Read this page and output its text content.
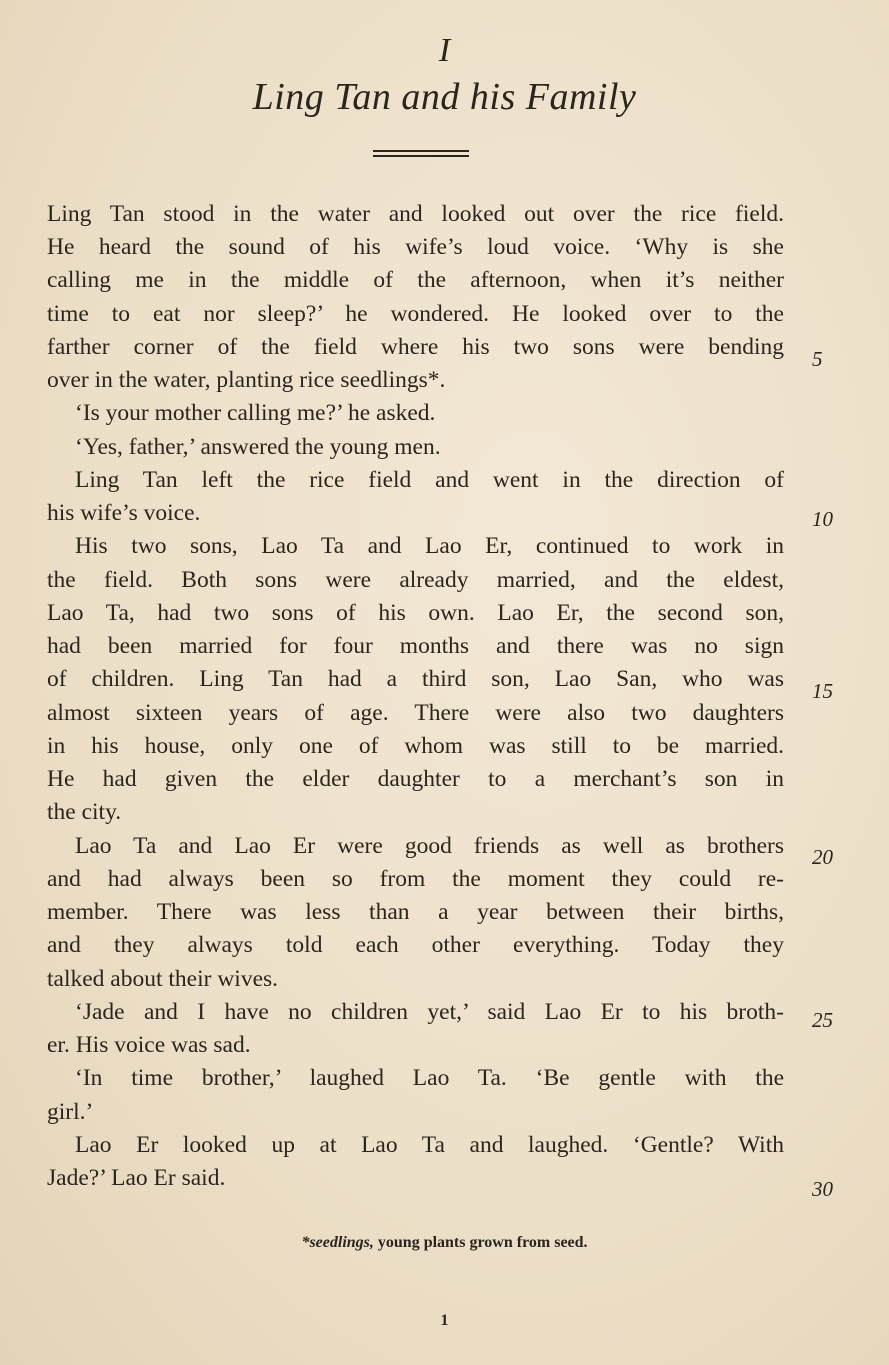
I
Ling Tan and his Family
Ling Tan stood in the water and looked out over the rice field.
He heard the sound of his wife’s loud voice. ‘Why is she
calling me in the middle of the afternoon, when it’s neither
time to eat nor sleep?’ he wondered. He looked over to the
farther corner of the field where his two sons were bending
over in the water, planting rice seedlings*.
‘Is your mother calling me?’ he asked.
‘Yes, father,’ answered the young men.
Ling Tan left the rice field and went in the direction of
his wife’s voice.
His two sons, Lao Ta and Lao Er, continued to work in
the field. Both sons were already married, and the eldest,
Lao Ta, had two sons of his own. Lao Er, the second son,
had been married for four months and there was no sign
of children. Ling Tan had a third son, Lao San, who was
almost sixteen years of age. There were also two daughters
in his house, only one of whom was still to be married.
He had given the elder daughter to a merchant’s son in
the city.
Lao Ta and Lao Er were good friends as well as brothers
and had always been so from the moment they could re-
member. There was less than a year between their births,
and they always told each other everything. Today they
talked about their wives.
‘Jade and I have no children yet,’ said Lao Er to his broth-
er. His voice was sad.
‘In time brother,’ laughed Lao Ta. ‘Be gentle with the
girl.’
Lao Er looked up at Lao Ta and laughed. ‘Gentle? With
Jade?’ Lao Er said.
5
10
15
20
25
30
*seedlings, young plants grown from seed.
1
